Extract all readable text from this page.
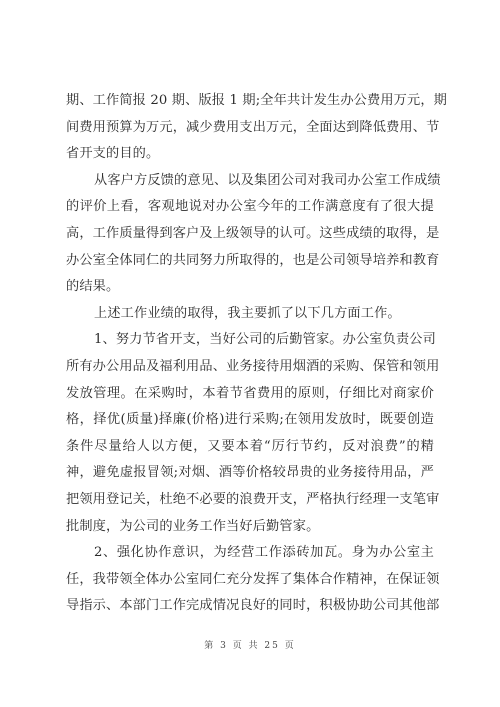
期、工作简报 20 期、版报 1 期;全年共计发生办公费用万元，期
间费用预算为万元，减少费用支出万元，全面达到降低费用、节
省开支的目的。
从客户方反馈的意见、以及集团公司对我司办公室工作成绩
的评价上看，客观地说对办公室今年的工作满意度有了很大提
高，工作质量得到客户及上级领导的认可。这些成绩的取得，是
办公室全体同仁的共同努力所取得的，也是公司领导培养和教育
的结果。
上述工作业绩的取得，我主要抓了以下几方面工作。
1、努力节省开支，当好公司的后勤管家。办公室负责公司
所有办公用品及福利用品、业务接待用烟酒的采购、保管和领用
发放管理。在采购时，本着节省费用的原则，仔细比对商家价
格，择优(质量)择廉(价格)进行采购;在领用发放时，既要创造
条件尽量给人以方便，又要本着“厉行节约，反对浪费”的精
神，避免虚报冒领;对烟、酒等价格较昂贵的业务接待用品，严
把领用登记关，杜绝不必要的浪费开支，严格执行经理一支笔审
批制度，为公司的业务工作当好后勤管家。
2、强化协作意识，为经营工作添砖加瓦。身为办公室主
任，我带领全体办公室同仁充分发挥了集体合作精神，在保证领
导指示、本部门工作完成情况良好的同时，积极协助公司其他部
第 3 页 共 25 页
